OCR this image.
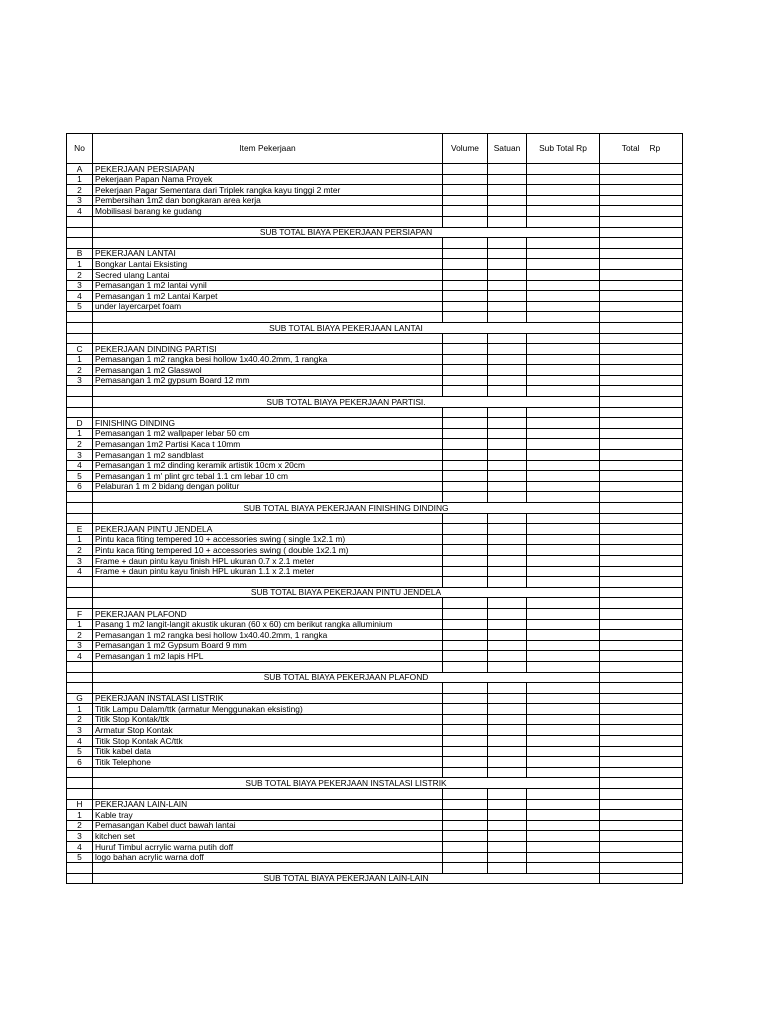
No	Item Pekerjaan	Volume	Satuan	Sub Total Rp	Total Rp
A	PEKERJAAN PERSIAPAN				
1	Pekerjaan Papan Nama Proyek				
2	Pekerjaan Pagar Sementara dari Triplek rangka kayu tinggi 2 mter				
3	Pembersihan 1m2 dan bongkaran area kerja				
4	Mobilisasi barang ke gudang				

	SUB TOTAL BIAYA PEKERJAAN PERSIAPAN				

B	PEKERJAAN LANTAI				
1	Bongkar Lantai Eksisting				
2	Secred ulang Lantai				
3	Pemasangan 1 m2 lantai vynil				
4	Pemasangan 1 m2 Lantai Karpet				
5	under layercarpet foam				

	SUB TOTAL BIAYA PEKERJAAN LANTAI				

C	PEKERJAAN DINDING PARTISI				
1	Pemasangan 1 m2 rangka besi hollow 1x40.40.2mm, 1 rangka				
2	Pemasangan 1 m2 Glasswol				
3	Pemasangan 1 m2 gypsum Board 12 mm				

	SUB TOTAL BIAYA PEKERJAAN PARTISI.				

D	FINISHING DINDING				
1	Pemasangan 1 m2 wallpaper lebar 50 cm				
2	Pemasangan 1m2 Partisi Kaca t 10mm				
3	Pemasangan 1 m2 sandblast				
4	Pemasangan 1 m2 dinding keramik artistik 10cm x 20cm				
5	Pemasangan 1 m' plint grc tebal 1.1 cm lebar 10 cm				
6	Pelaburan 1 m 2 bidang dengan politur				

	SUB TOTAL BIAYA PEKERJAAN FINISHING DINDING				

E	PEKERJAAN PINTU JENDELA				
1	Pintu kaca fiting tempered 10 + accessories swing ( single 1x2.1 m)				
2	Pintu kaca fiting tempered 10 + accessories swing ( double 1x2.1 m)				
3	Frame + daun pintu kayu finish HPL ukuran 0.7 x 2.1 meter				
4	Frame + daun pintu kayu finish HPL ukuran 1.1 x 2.1 meter				

	SUB TOTAL BIAYA PEKERJAAN PINTU JENDELA				

F	PEKERJAAN PLAFOND				
1	Pasang 1 m2 langit-langit akustik ukuran (60 x 60) cm berikut rangka alluminium				
2	Pemasangan 1 m2 rangka besi hollow 1x40.40.2mm, 1 rangka				
3	Pemasangan 1 m2 Gypsum Board 9 mm				
4	Pemasangan 1 m2 lapis HPL				

	SUB TOTAL BIAYA PEKERJAAN PLAFOND				

G	PEKERJAAN INSTALASI LISTRIK				
1	Titik Lampu Dalam/ttk (armatur Menggunakan eksisting)				
2	Titik Stop Kontak/ttk				
3	Armatur Stop Kontak				
4	Titik Stop Kontak AC/ttk				
5	Titik kabel data				
6	Titik Telephone				

	SUB TOTAL BIAYA PEKERJAAN INSTALASI LISTRIK				

H	PEKERJAAN LAIN-LAIN				
1	Kable tray				
2	Pemasangan Kabel duct bawah lantai				
3	kitchen set				
4	Huruf Timbul acrrylic warna putih doff				
5	logo bahan acrylic warna doff				

	SUB TOTAL BIAYA PEKERJAAN LAIN-LAIN				
